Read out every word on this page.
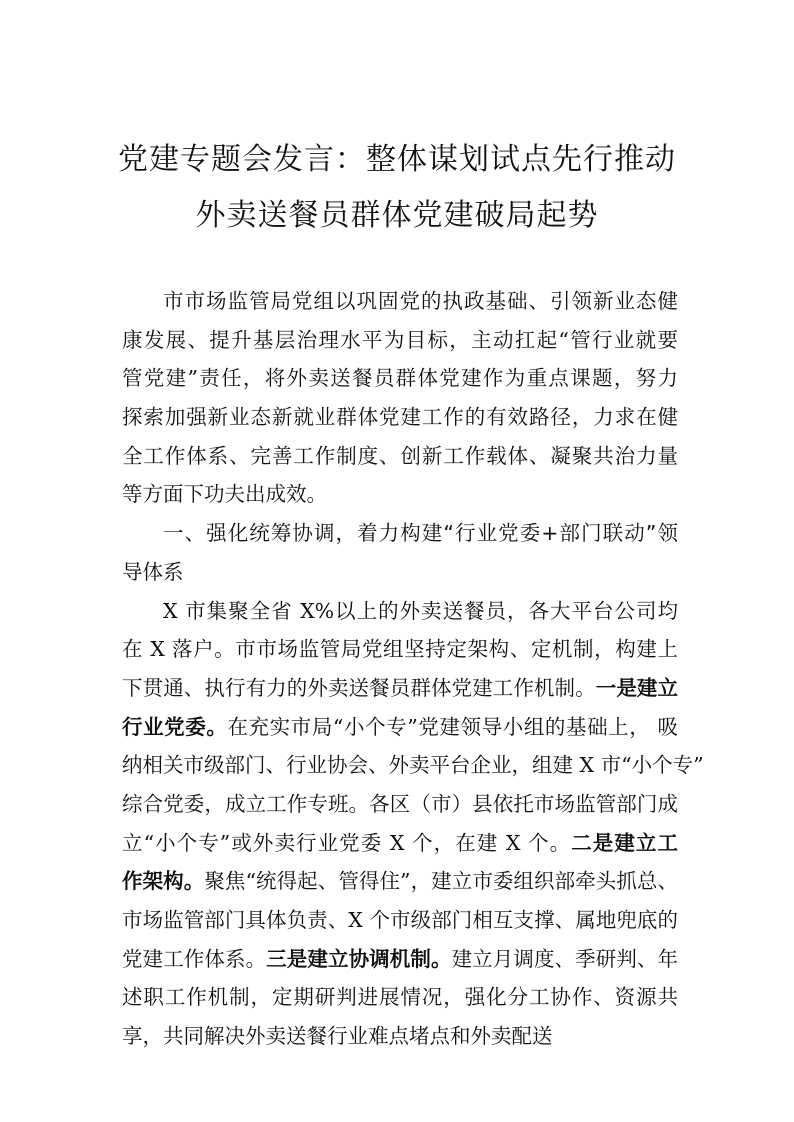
党建专题会发言：整体谋划试点先行推动
外卖送餐员群体党建破局起势
市市场监管局党组以巩固党的执政基础、引领新业态健
康发展、提升基层治理水平为目标，主动扛起“管行业就要
管党建”责任，将外卖送餐员群体党建作为重点课题，努力
探索加强新业态新就业群体党建工作的有效路径，力求在健
全工作体系、完善工作制度、创新工作载体、凝聚共治力量
等方面下功夫出成效。
一、强化统筹协调，着力构建“行业党委+部门联动”领
导体系
X 市集聚全省 X%以上的外卖送餐员，各大平台公司均
在 X 落户。市市场监管局党组坚持定架构、定机制，构建上
下贯通、执行有力的外卖送餐员群体党建工作机制。一是建立
行业党委。在充实市局“小个专”党建领导小组的基础上， 吸
纳相关市级部门、行业协会、外卖平台企业，组建 X 市“小个专”
综合党委，成立工作专班。各区（市）县依托市场监管部门成
立“小个专”或外卖行业党委 X 个，在建 X 个。二是建立工
作架构。聚焦“统得起、管得住”，建立市委组织部牵头抓总、
市场监管部门具体负责、X 个市级部门相互支撑、属地兜底的
党建工作体系。三是建立协调机制。建立月调度、季研判、年
述职工作机制，定期研判进展情况，强化分工协作、资源共
享，共同解决外卖送餐行业难点堵点和外卖配送
